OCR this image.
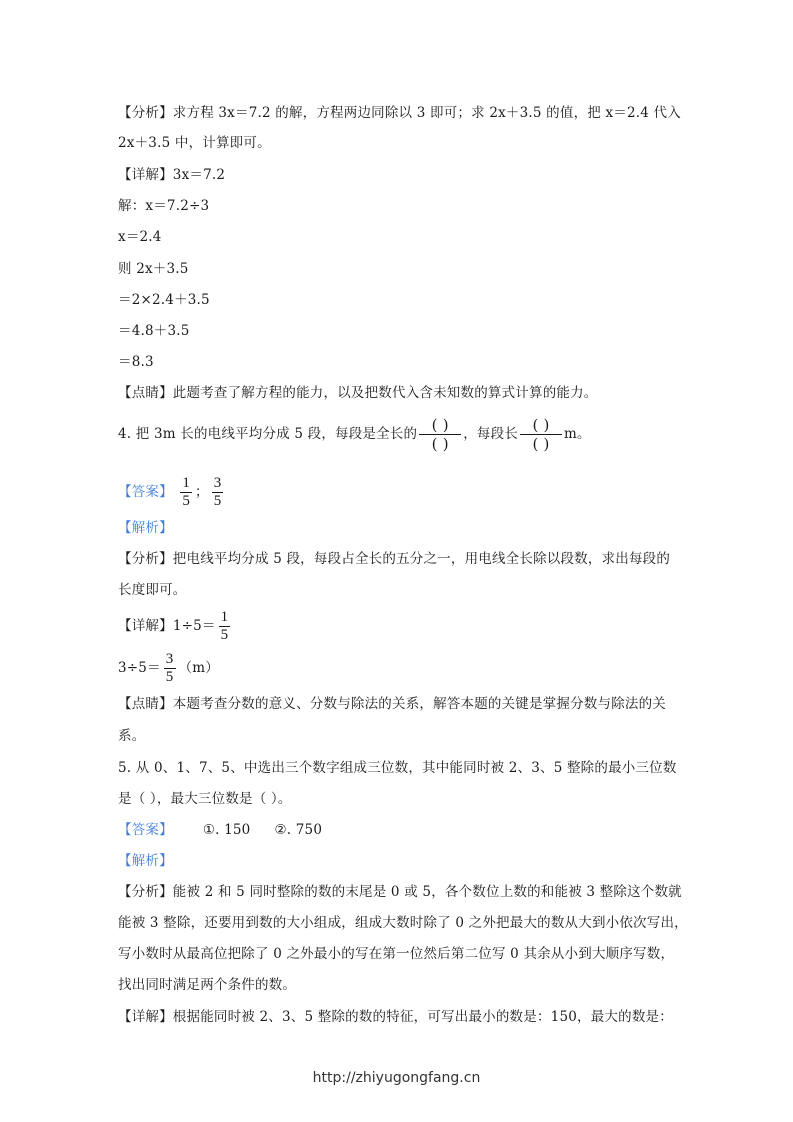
【分析】求方程 3x＝7.2 的解，方程两边同除以 3 即可；求 2x＋3.5 的值，把 x＝2.4 代入
2x＋3.5 中，计算即可。
【详解】3x＝7.2
解：x＝7.2÷3
x＝2.4
则 2x＋3.5
＝2×2.4＋3.5
＝4.8＋3.5
＝8.3
【点睛】此题考查了解方程的能力，以及把数代入含未知数的算式计算的能力。
4. 把 3m 长的电线平均分成 5 段，每段是全长的 ( )
( )
，每段长 ( )
( )
m。
【答案】 $\frac{1}{5}$ ； $\frac{3}{5}$
【解析】
【分析】把电线平均分成 5 段，每段占全长的五分之一，用电线全长除以段数，求出每段的
长度即可。
【详解】$1\div 5= \frac{1}{5}$
$3\div 5= \frac{3}{5} (m)$
【点睛】本题考查分数的意义、分数与除法的关系，解答本题的关键是掌握分数与除法的关
系。
5. 从 0、1、7、5、中选出三个数字组成三位数，其中能同时被 2、3、5 整除的最小三位数
是（ ），最大三位数是（ ）。
【答案】 ①. 150 ②. 750
【解析】
【分析】能被 2 和 5 同时整除的数的末尾是 0 或 5，各个数位上数的和能被 3 整除这个数就
能被 3 整除，还要用到数的大小组成，组成大数时除了 0 之外把最大的数从大到小依次写出，
写小数时从最高位把除了 0 之外最小的写在第一位然后第二位写 0 其余从小到大顺序写数，
找出同时满足两个条件的数。
【详解】根据能同时被 2、3、5 整除的数的特征，可写出最小的数是：150，最大的数是：
http://zhiyugongfang.cn
